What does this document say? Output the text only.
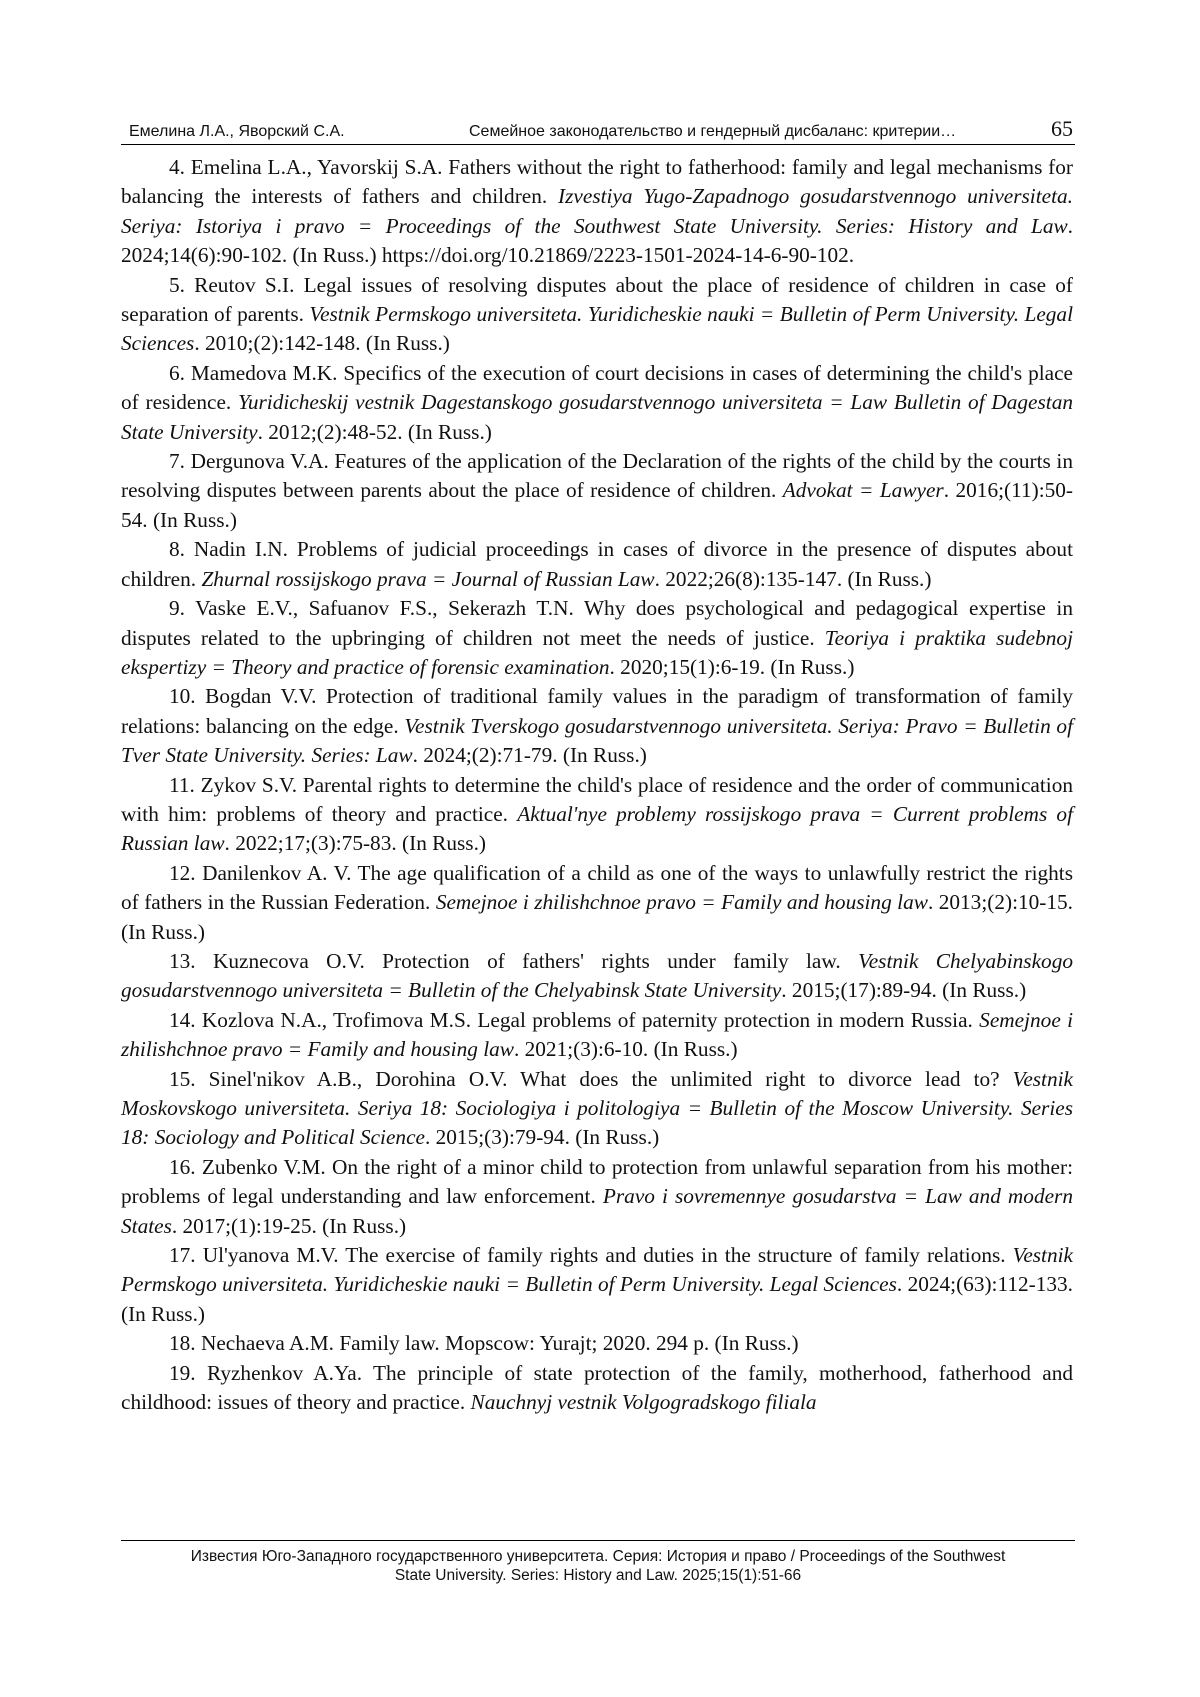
Емелина Л.А., Яворский С.А.	Семейное законодательство и гендерный дисбаланс: критерии…	65

4. Emelina L.A., Yavorskij S.A. Fathers without the right to fatherhood: family and legal mechanisms for balancing the interests of fathers and children. Izvestiya Yugo-Zapadnogo gosudarstvennogo universiteta. Seriya: Istoriya i pravo = Proceedings of the Southwest State University. Series: History and Law. 2024;14(6):90-102. (In Russ.) https://doi.org/10.21869/2223-1501-2024-14-6-90-102.

5. Reutov S.I. Legal issues of resolving disputes about the place of residence of children in case of separation of parents. Vestnik Permskogo universiteta. Yuridicheskie nauki = Bulletin of Perm University. Legal Sciences. 2010;(2):142-148. (In Russ.)

6. Mamedova M.K. Specifics of the execution of court decisions in cases of determining the child's place of residence. Yuridicheskij vestnik Dagestanskogo gosudarstvennogo universiteta = Law Bulletin of Dagestan State University. 2012;(2):48-52. (In Russ.)

7. Dergunova V.A. Features of the application of the Declaration of the rights of the child by the courts in resolving disputes between parents about the place of residence of children. Advokat = Lawyer. 2016;(11):50-54. (In Russ.)

8. Nadin I.N. Problems of judicial proceedings in cases of divorce in the presence of disputes about children. Zhurnal rossijskogo prava = Journal of Russian Law. 2022;26(8):135-147. (In Russ.)

9. Vaske E.V., Safuanov F.S., Sekerazh T.N. Why does psychological and pedagogical expertise in disputes related to the upbringing of children not meet the needs of justice. Teoriya i praktika sudebnoj ekspertizy = Theory and practice of forensic examination. 2020;15(1):6-19. (In Russ.)

10. Bogdan V.V. Protection of traditional family values in the paradigm of transformation of family relations: balancing on the edge. Vestnik Tverskogo gosudarstvennogo universiteta. Seriya: Pravo = Bulletin of Tver State University. Series: Law. 2024;(2):71-79. (In Russ.)

11. Zykov S.V. Parental rights to determine the child's place of residence and the order of communication with him: problems of theory and practice. Aktual'nye problemy rossijskogo prava = Current problems of Russian law. 2022;17;(3):75-83. (In Russ.)

12. Danilenkov A. V. The age qualification of a child as one of the ways to unlawfully restrict the rights of fathers in the Russian Federation. Semejnoe i zhilishchnoe pravo = Family and housing law. 2013;(2):10-15. (In Russ.)

13. Kuznecova O.V. Protection of fathers' rights under family law. Vestnik Chelyabinskogo gosudarstvennogo universiteta = Bulletin of the Chelyabinsk State University. 2015;(17):89-94. (In Russ.)

14. Kozlova N.A., Trofimova M.S. Legal problems of paternity protection in modern Russia. Semejnoe i zhilishchnoe pravo = Family and housing law. 2021;(3):6-10. (In Russ.)

15. Sinel'nikov A.B., Dorohina O.V. What does the unlimited right to divorce lead to? Vestnik Moskovskogo universiteta. Seriya 18: Sociologiya i politologiya = Bulletin of the Moscow University. Series 18: Sociology and Political Science. 2015;(3):79-94. (In Russ.)

16. Zubenko V.M. On the right of a minor child to protection from unlawful separation from his mother: problems of legal understanding and law enforcement. Pravo i sovremennye gosudarstva = Law and modern States. 2017;(1):19-25. (In Russ.)

17. Ul'yanova M.V. The exercise of family rights and duties in the structure of family relations. Vestnik Permskogo universiteta. Yuridicheskie nauki = Bulletin of Perm University. Legal Sciences. 2024;(63):112-133. (In Russ.)

18. Nechaeva A.M. Family law. Mopscow: Yurajt; 2020. 294 p. (In Russ.)

19. Ryzhenkov A.Ya. The principle of state protection of the family, motherhood, fatherhood and childhood: issues of theory and practice. Nauchnyj vestnik Volgogradskogo filiala

Известия Юго-Западного государственного университета. Серия: История и право / Proceedings of the Southwest
State University. Series: History and Law. 2025;15(1):51-66
